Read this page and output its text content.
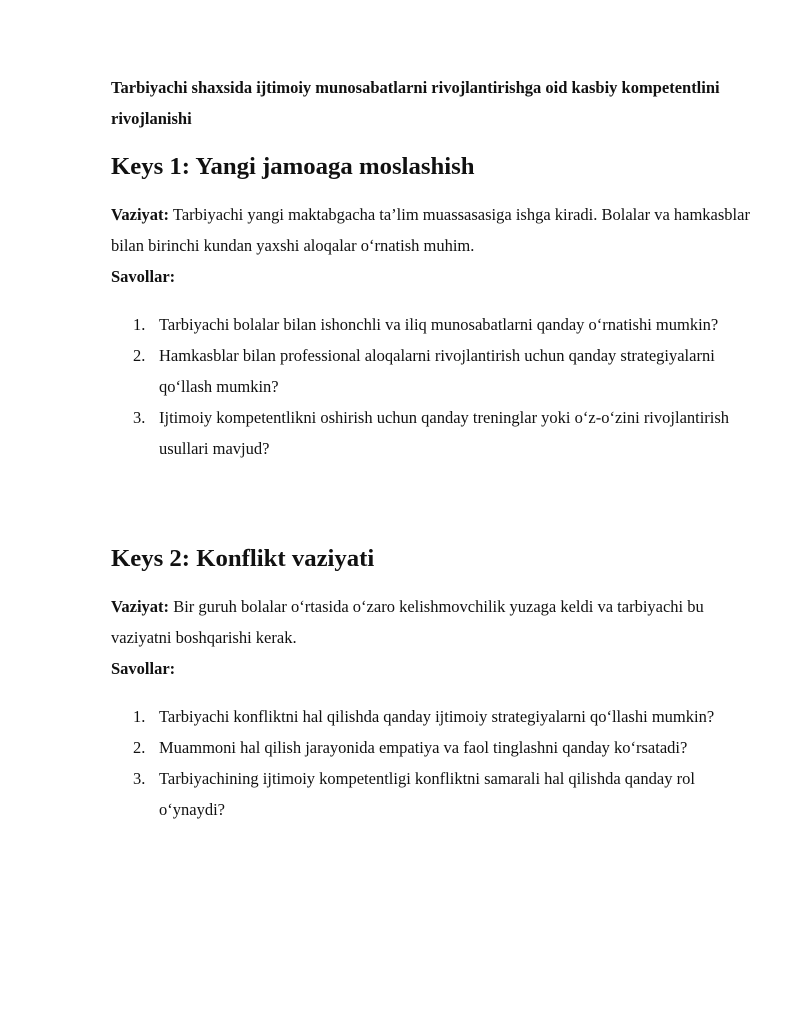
Tarbiyachi shaxsida ijtimoiy munosabatlarni rivojlantirishga oid kasbiy kompetentlini rivojlanishi
Keys 1: Yangi jamoaga moslashish

Vaziyat: Tarbiyachi yangi maktabgacha ta’lim muassasasiga ishga kiradi. Bolalar va hamkasblar bilan birinchi kundan yaxshi aloqalar o‘rnatish muhim.

Savollar:

1. Tarbiyachi bolalar bilan ishonchli va iliq munosabatlarni qanday o‘rnatishi mumkin?
2. Hamkasblar bilan professional aloqalarni rivojlantirish uchun qanday strategiyalarni qo‘llash mumkin?
3. Ijtimoiy kompetentlikni oshirish uchun qanday treninglar yoki o‘z-o‘zini rivojlantirish usullari mavjud?
Keys 2: Konflikt vaziyati

Vaziyat: Bir guruh bolalar o‘rtasida o‘zaro kelishmovchilik yuzaga keldi va tarbiyachi bu vaziyatni boshqarishi kerak.

Savollar:

1. Tarbiyachi konfliktni hal qilishda qanday ijtimoiy strategiyalarni qo‘llashi mumkin?
2. Muammoni hal qilish jarayonida empatiya va faol tinglashni qanday ko‘rsatadi?
3. Tarbiyachining ijtimoiy kompetentligi konfliktni samarali hal qilishda qanday rol o‘ynaydi?
